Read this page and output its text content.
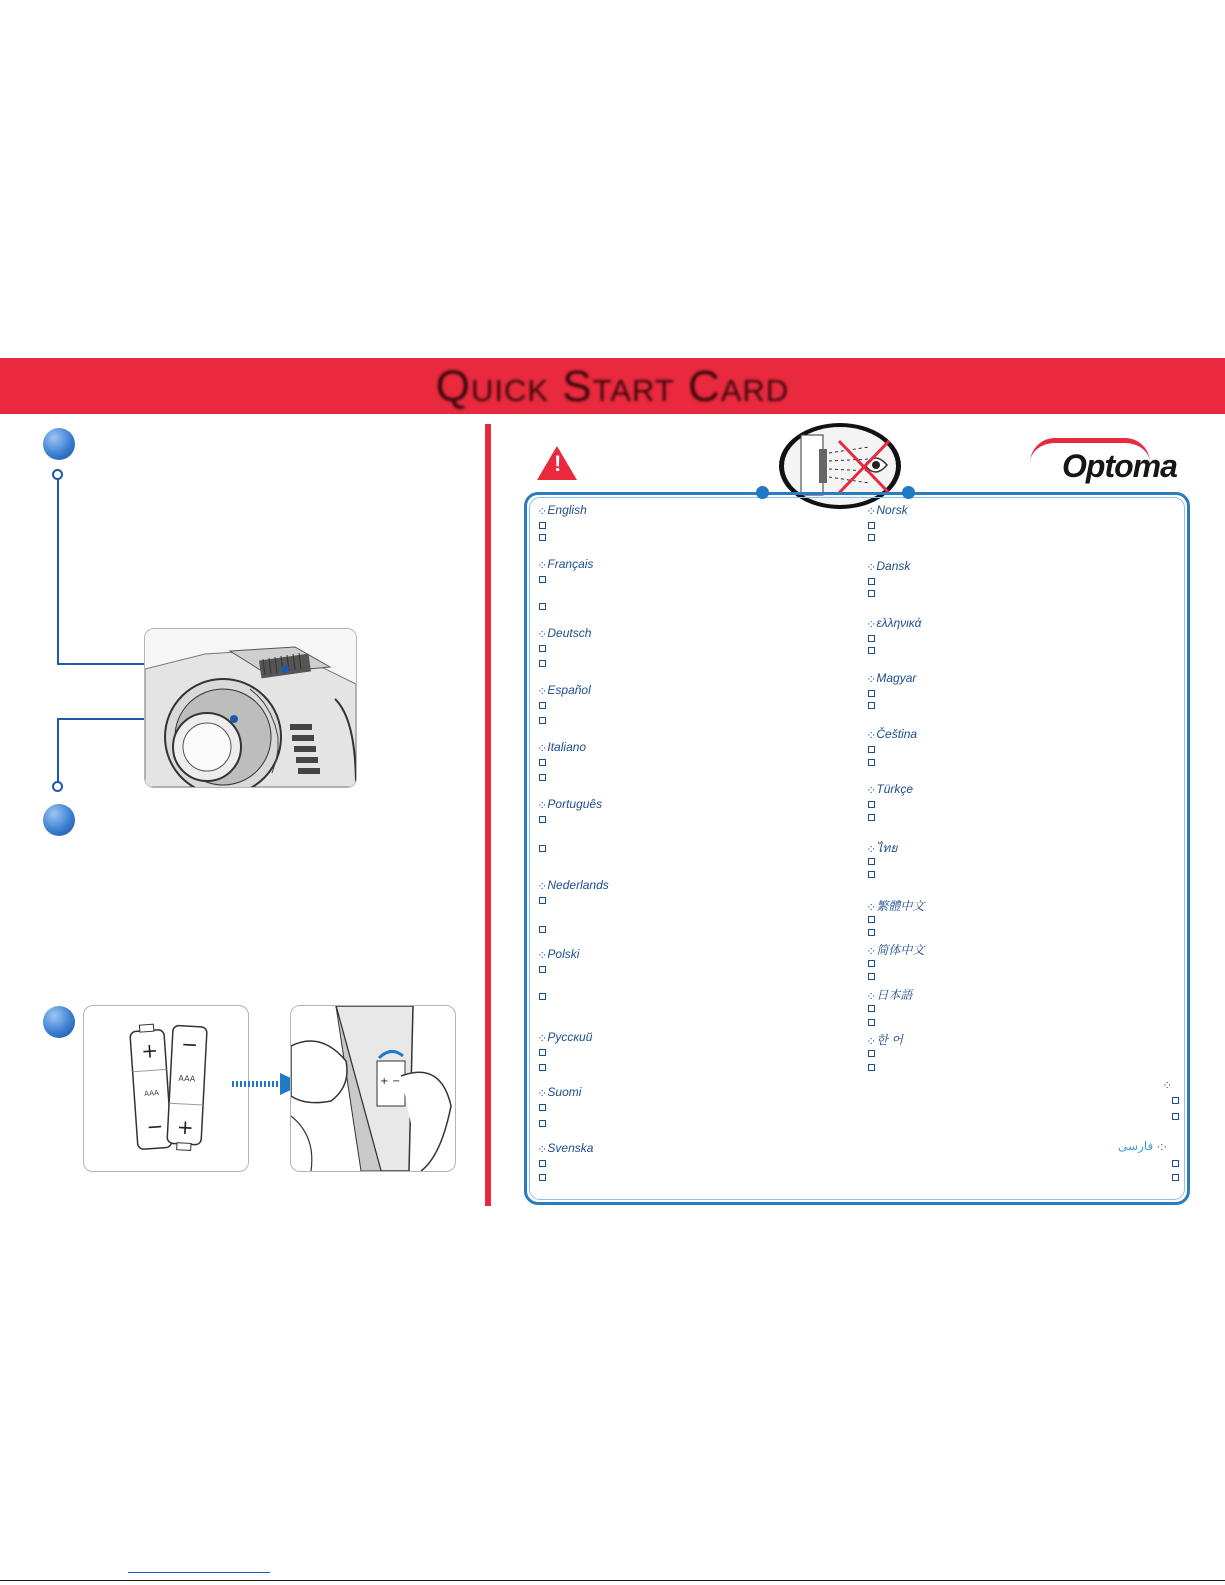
Quick Start Card
+
−
AAA
−
+
AAA	+ −
!	Optoma
·:· English
·:· Français
·:· Deutsch
·:· Español
·:· Italiano
·:· Português
·:· Nederlands
·:· Polski
·:· Русский
·:· Suomi
·:· Svenska
·:· Norsk
·:· Dansk
·:· ελληνικά
·:· Magyar
·:· Čeština
·:· Türkçe
·:· ไทย
·:· 繁體中文
·:· 简体中文
·:· 日本語
·:· 한 어
·:·
فارسی ·:·
